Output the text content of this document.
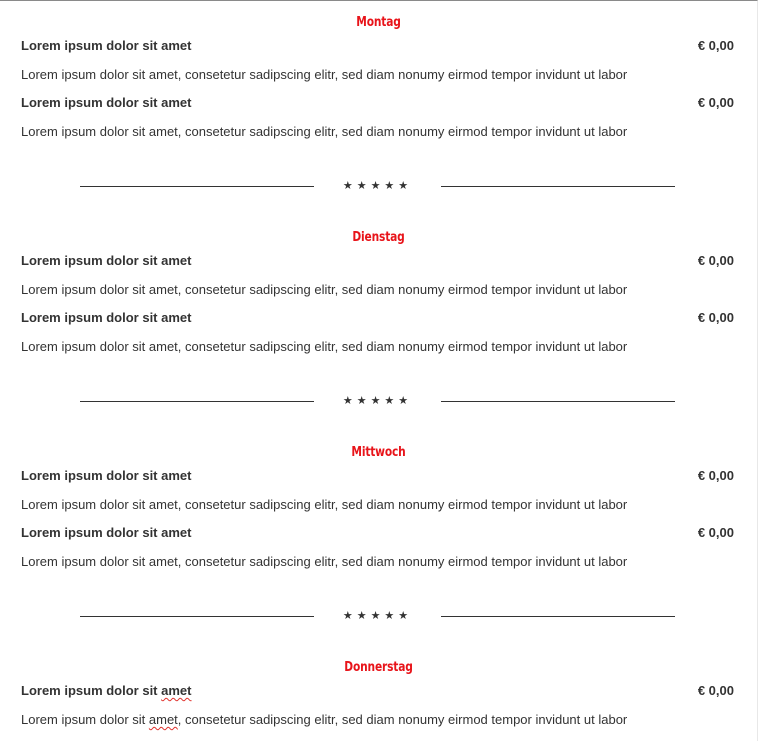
Montag
Lorem ipsum dolor sit amet	€ 0,00
Lorem ipsum dolor sit amet, consetetur sadipscing elitr, sed diam nonumy eirmod tempor invidunt ut labor
Lorem ipsum dolor sit amet	€ 0,00
Lorem ipsum dolor sit amet, consetetur sadipscing elitr, sed diam nonumy eirmod tempor invidunt ut labor
★★★★★
Dienstag
Lorem ipsum dolor sit amet	€ 0,00
Lorem ipsum dolor sit amet, consetetur sadipscing elitr, sed diam nonumy eirmod tempor invidunt ut labor
Lorem ipsum dolor sit amet	€ 0,00
Lorem ipsum dolor sit amet, consetetur sadipscing elitr, sed diam nonumy eirmod tempor invidunt ut labor
★★★★★
Mittwoch
Lorem ipsum dolor sit amet	€ 0,00
Lorem ipsum dolor sit amet, consetetur sadipscing elitr, sed diam nonumy eirmod tempor invidunt ut labor
Lorem ipsum dolor sit amet	€ 0,00
Lorem ipsum dolor sit amet, consetetur sadipscing elitr, sed diam nonumy eirmod tempor invidunt ut labor
★★★★★
Donnerstag
Lorem ipsum dolor sit amet	€ 0,00
Lorem ipsum dolor sit amet, consetetur sadipscing elitr, sed diam nonumy eirmod tempor invidunt ut labor
